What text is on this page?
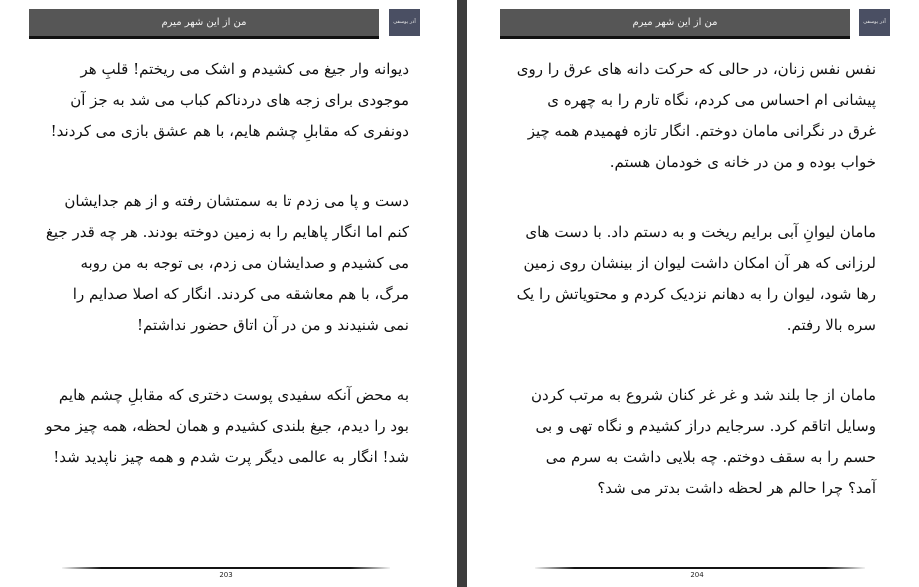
من از این شهر میرم	آذر یوسفی

دیوانه وار جیغ می کشیدم و اشک می ریختم! قلبِ هر موجودی برای زجه های دردناکم کباب می شد به جز آن دونفری که مقابلِ چشم هایم، با هم عشق بازی می کردند!

دست و پا می زدم تا به سمتشان رفته و از هم جدایشان کنم اما انگار پاهایم را به زمین دوخته بودند. هر چه قدر جیغ می کشیدم و صدایشان می زدم، بی توجه به من روبه مرگ، با هم معاشقه می کردند. انگار که اصلا صدایم را نمی شنیدند و من در آن اتاق حضور نداشتم!

به محض آنکه سفیدی پوست دختری که مقابلِ چشم هایم بود را دیدم، جیغ بلندی کشیدم و همان لحظه، همه چیز محو شد! انگار به عالمی دیگر پرت شدم و همه چیز ناپدید شد!

203
من از این شهر میرم	آذر یوسفی

نفس نفس زنان، در حالی که حرکت دانه های عرق را روی پیشانی ام احساس می کردم، نگاه تارم را به چهره ی غرق در نگرانی مامان دوختم. انگار تازه فهمیدم همه چیز خواب بوده و من در خانه ی خودمان هستم.

مامان لیوانِ آبی برایم ریخت و به دستم داد. با دست های لرزانی که هر آن امکان داشت لیوان از بینشان روی زمین رها شود، لیوان را به دهانم نزدیک کردم و محتویاتش را یک سره بالا رفتم.

مامان از جا بلند شد و غر غر کنان شروع به مرتب کردن وسایل اتاقم کرد. سرجایم دراز کشیدم و نگاه تهی و بی حسم را به سقف دوختم. چه بلایی داشت به سرم می آمد؟ چرا حالم هر لحظه داشت بدتر می شد؟

204
